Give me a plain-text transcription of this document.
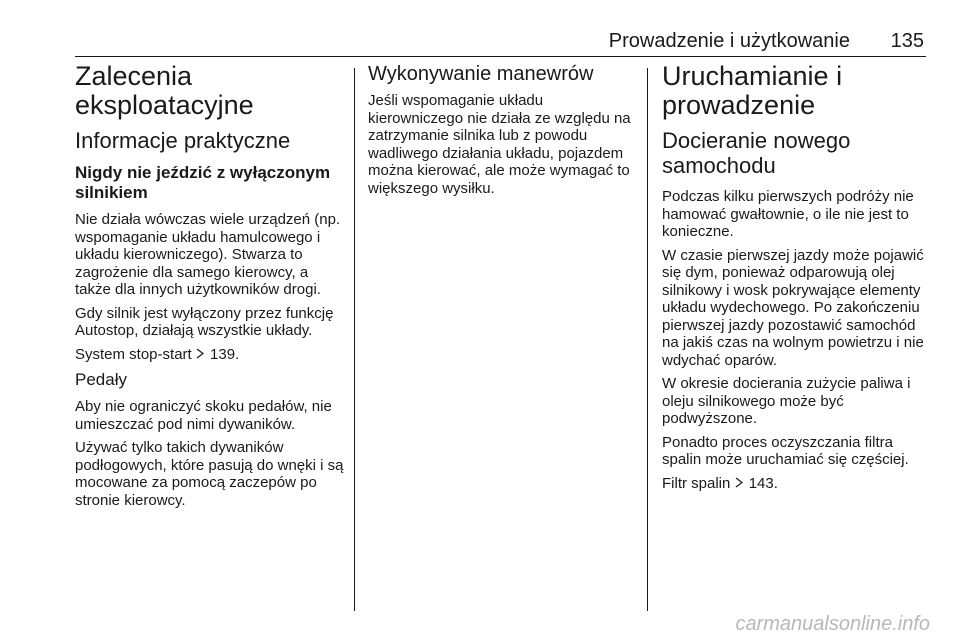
Prowadzenie i użytkowanie 135
Zalecenia eksploatacyjne
Informacje praktyczne
Nigdy nie jeździć z wyłączonym silnikiem

Nie działa wówczas wiele urządzeń (np. wspomaganie układu hamulcowego i układu kierowniczego). Stwarza to zagrożenie dla samego kierowcy, a także dla innych użytkowników drogi.

Gdy silnik jest wyłączony przez funkcję Autostop, działają wszystkie układy.

System stop-start 139.

Pedały

Aby nie ograniczyć skoku pedałów, nie umieszczać pod nimi dywaników.

Używać tylko takich dywaników podłogowych, które pasują do wnęki i są mocowane za pomocą zaczepów po stronie kierowcy.

Wykonywanie manewrów

Jeśli wspomaganie układu kierowniczego nie działa ze względu na zatrzymanie silnika lub z powodu wadliwego działania układu, pojazdem można kierować, ale może wymagać to większego wysiłku.

Uruchamianie i prowadzenie
Docieranie nowego samochodu

Podczas kilku pierwszych podróży nie hamować gwałtownie, o ile nie jest to konieczne.

W czasie pierwszej jazdy może pojawić się dym, ponieważ odparowują olej silnikowy i wosk pokrywające elementy układu wydechowego. Po zakończeniu pierwszej jazdy pozostawić samochód na jakiś czas na wolnym powietrzu i nie wdychać oparów.

W okresie docierania zużycie paliwa i oleju silnikowego może być podwyższone.

Ponadto proces oczyszczania filtra spalin może uruchamiać się częściej.

Filtr spalin 143.

carmanualsonline.info
